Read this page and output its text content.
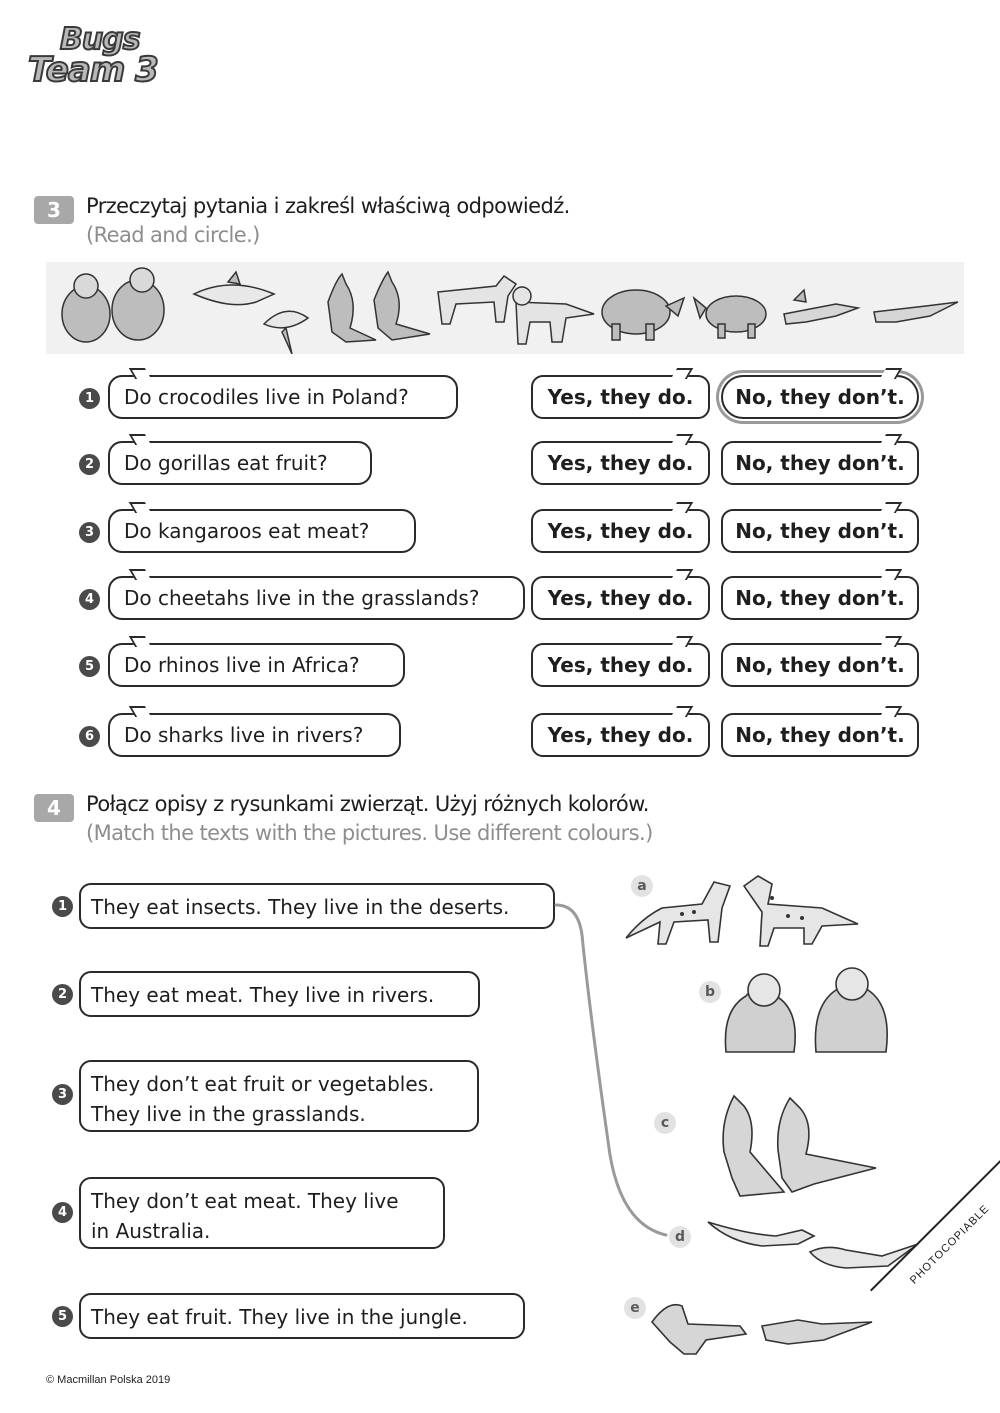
Bugs
Team 3
3	Przeczytaj pytania i zakreśl właściwą odpowiedź.
(Read and circle.)
1	Do crocodiles live in Poland?	Yes, they do.	No, they don’t.
2	Do gorillas eat fruit?	Yes, they do.	No, they don’t.
3	Do kangaroos eat meat?	Yes, they do.	No, they don’t.
4	Do cheetahs live in the grasslands?	Yes, they do.	No, they don’t.
5	Do rhinos live in Africa?	Yes, they do.	No, they don’t.
6	Do sharks live in rivers?	Yes, they do.	No, they don’t.
4	Połącz opisy z rysunkami zwierząt. Użyj różnych kolorów.
(Match the texts with the pictures. Use different colours.)
1 They eat insects. They live in the deserts.
2 They eat meat. They live in rivers.
3 They don’t eat fruit or vegetables.
They live in the grasslands.
4 They don’t eat meat. They live
in Australia.
5 They eat fruit. They live in the jungle.
a
b
c
d
e
© Macmillan Polska 2019
PHOTOCOPIABLE
